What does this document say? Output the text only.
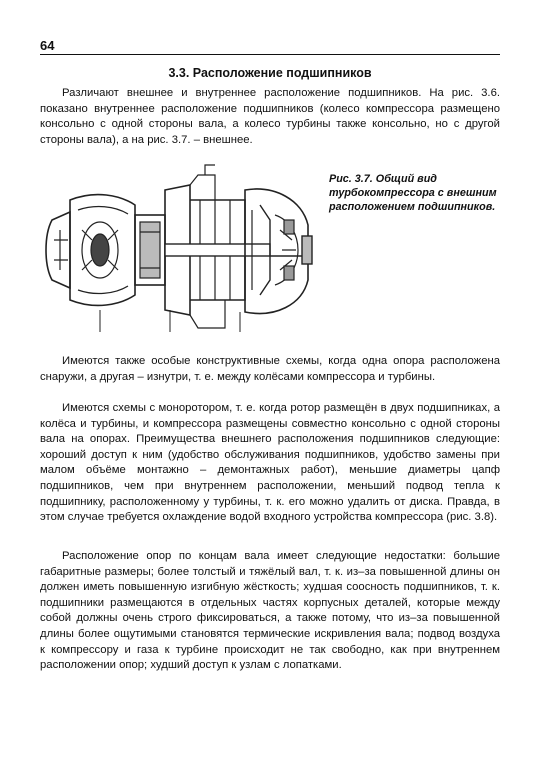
64
3.3. Расположение подшипников

Различают внешнее и внутреннее расположение подшипников. На рис. 3.6. показано внутреннее расположение подшипников (колесо компрессора размещено консольно с одной стороны вала, а колесо турбины также консольно, но с другой стороны вала), а на рис. 3.7. – внешнее.

Рис. 3.7. Общий вид турбокомпрессора с внешним расположением подшипников.

Имеются также особые конструктивные схемы, когда одна опора расположена снаружи, а другая – изнутри, т. е. между колёсами компрессора и турбины.

Имеются схемы с моноротором, т. е. когда ротор размещён в двух подшипниках, а колёса и турбины, и компрессора размещены совместно консольно с одной стороны вала на опорах. Преимущества внешнего расположения подшипников следующие: хороший доступ к ним (удобство обслуживания подшипников, удобство замены при малом объёме монтажно – демонтажных работ), меньшие диаметры цапф подшипников, чем при внутреннем расположении, меньший подвод тепла к подшипнику, расположенному у турбины, т. к. его можно удалить от диска. Правда, в этом случае требуется охлаждение водой входного устройства компрессора (рис. 3.8).

Расположение опор по концам вала имеет следующие недостатки: большие габаритные размеры; более толстый и тяжёлый вал, т. к. из–за повышенной длины он должен иметь повышенную изгибную жёсткость; худшая соосность подшипников, т. к. подшипники размещаются в отдельных частях корпусных деталей, которые между собой должны очень строго фиксироваться, а также потому, что из–за повышенной длины более ощутимыми становятся термические искривления вала; подвод воздуха к компрессору и газа к турбине происходит не так свободно, как при внутреннем расположении опор; худший доступ к узлам с лопатками.
